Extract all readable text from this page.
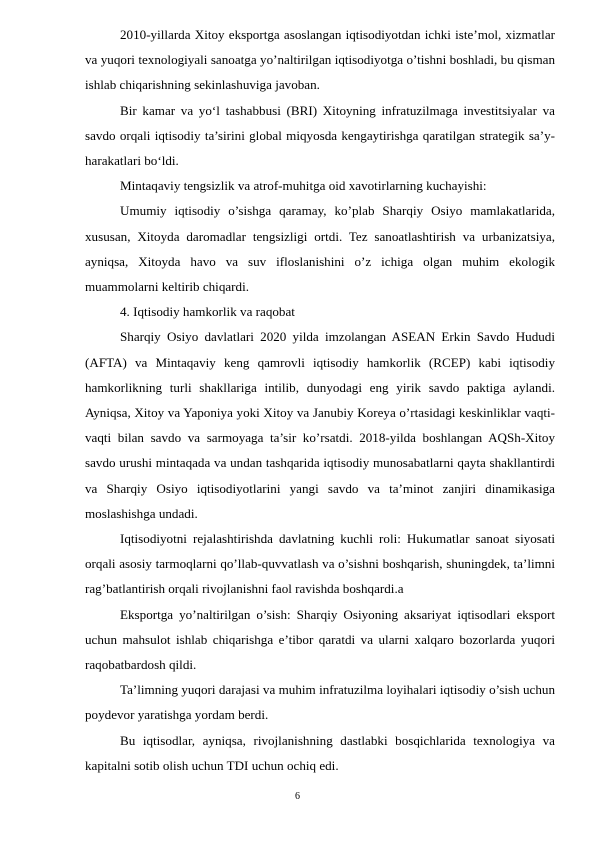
2010-yillarda Xitoy eksportga asoslangan iqtisodiyotdan ichki iste’mol, xizmatlar va yuqori texnologiyali sanoatga yo’naltirilgan iqtisodiyotga o’tishni boshladi, bu qisman ishlab chiqarishning sekinlashuviga javoban.

Bir kamar va yo‘l tashabbusi (BRI) Xitoyning infratuzilmaga investitsiyalar va savdo orqali iqtisodiy ta’sirini global miqyosda kengaytirishga qaratilgan strategik sa’y-harakatlari bo‘ldi.

Mintaqaviy tengsizlik va atrof-muhitga oid xavotirlarning kuchayishi:

Umumiy iqtisodiy o’sishga qaramay, ko’plab Sharqiy Osiyo mamlakatlarida, xususan, Xitoyda daromadlar tengsizligi ortdi. Tez sanoatlashtirish va urbanizatsiya, ayniqsa, Xitoyda havo va suv ifloslanishini o’z ichiga olgan muhim ekologik muammolarni keltirib chiqardi.

4. Iqtisodiy hamkorlik va raqobat

Sharqiy Osiyo davlatlari 2020 yilda imzolangan ASEAN Erkin Savdo Hududi (AFTA) va Mintaqaviy keng qamrovli iqtisodiy hamkorlik (RCEP) kabi iqtisodiy hamkorlikning turli shakllariga intilib, dunyodagi eng yirik savdo paktiga aylandi. Ayniqsa, Xitoy va Yaponiya yoki Xitoy va Janubiy Koreya o’rtasidagi keskinliklar vaqti-vaqti bilan savdo va sarmoyaga ta’sir ko’rsatdi. 2018-yilda boshlangan AQSh-Xitoy savdo urushi mintaqada va undan tashqarida iqtisodiy munosabatlarni qayta shakllantirdi va Sharqiy Osiyo iqtisodiyotlarini yangi savdo va ta’minot zanjiri dinamikasiga moslashishga undadi.

Iqtisodiyotni rejalashtirishda davlatning kuchli roli: Hukumatlar sanoat siyosati orqali asosiy tarmoqlarni qo’llab-quvvatlash va o’sishni boshqarish, shuningdek, ta’limni rag’batlantirish orqali rivojlanishni faol ravishda boshqardi.a

Eksportga yo’naltirilgan o’sish: Sharqiy Osiyoning aksariyat iqtisodlari eksport uchun mahsulot ishlab chiqarishga e’tibor qaratdi va ularni xalqaro bozorlarda yuqori raqobatbardosh qildi.

Ta’limning yuqori darajasi va muhim infratuzilma loyihalari iqtisodiy o’sish uchun poydevor yaratishga yordam berdi.

Bu iqtisodlar, ayniqsa, rivojlanishning dastlabki bosqichlarida texnologiya va kapitalni sotib olish uchun TDI uchun ochiq edi.

6
